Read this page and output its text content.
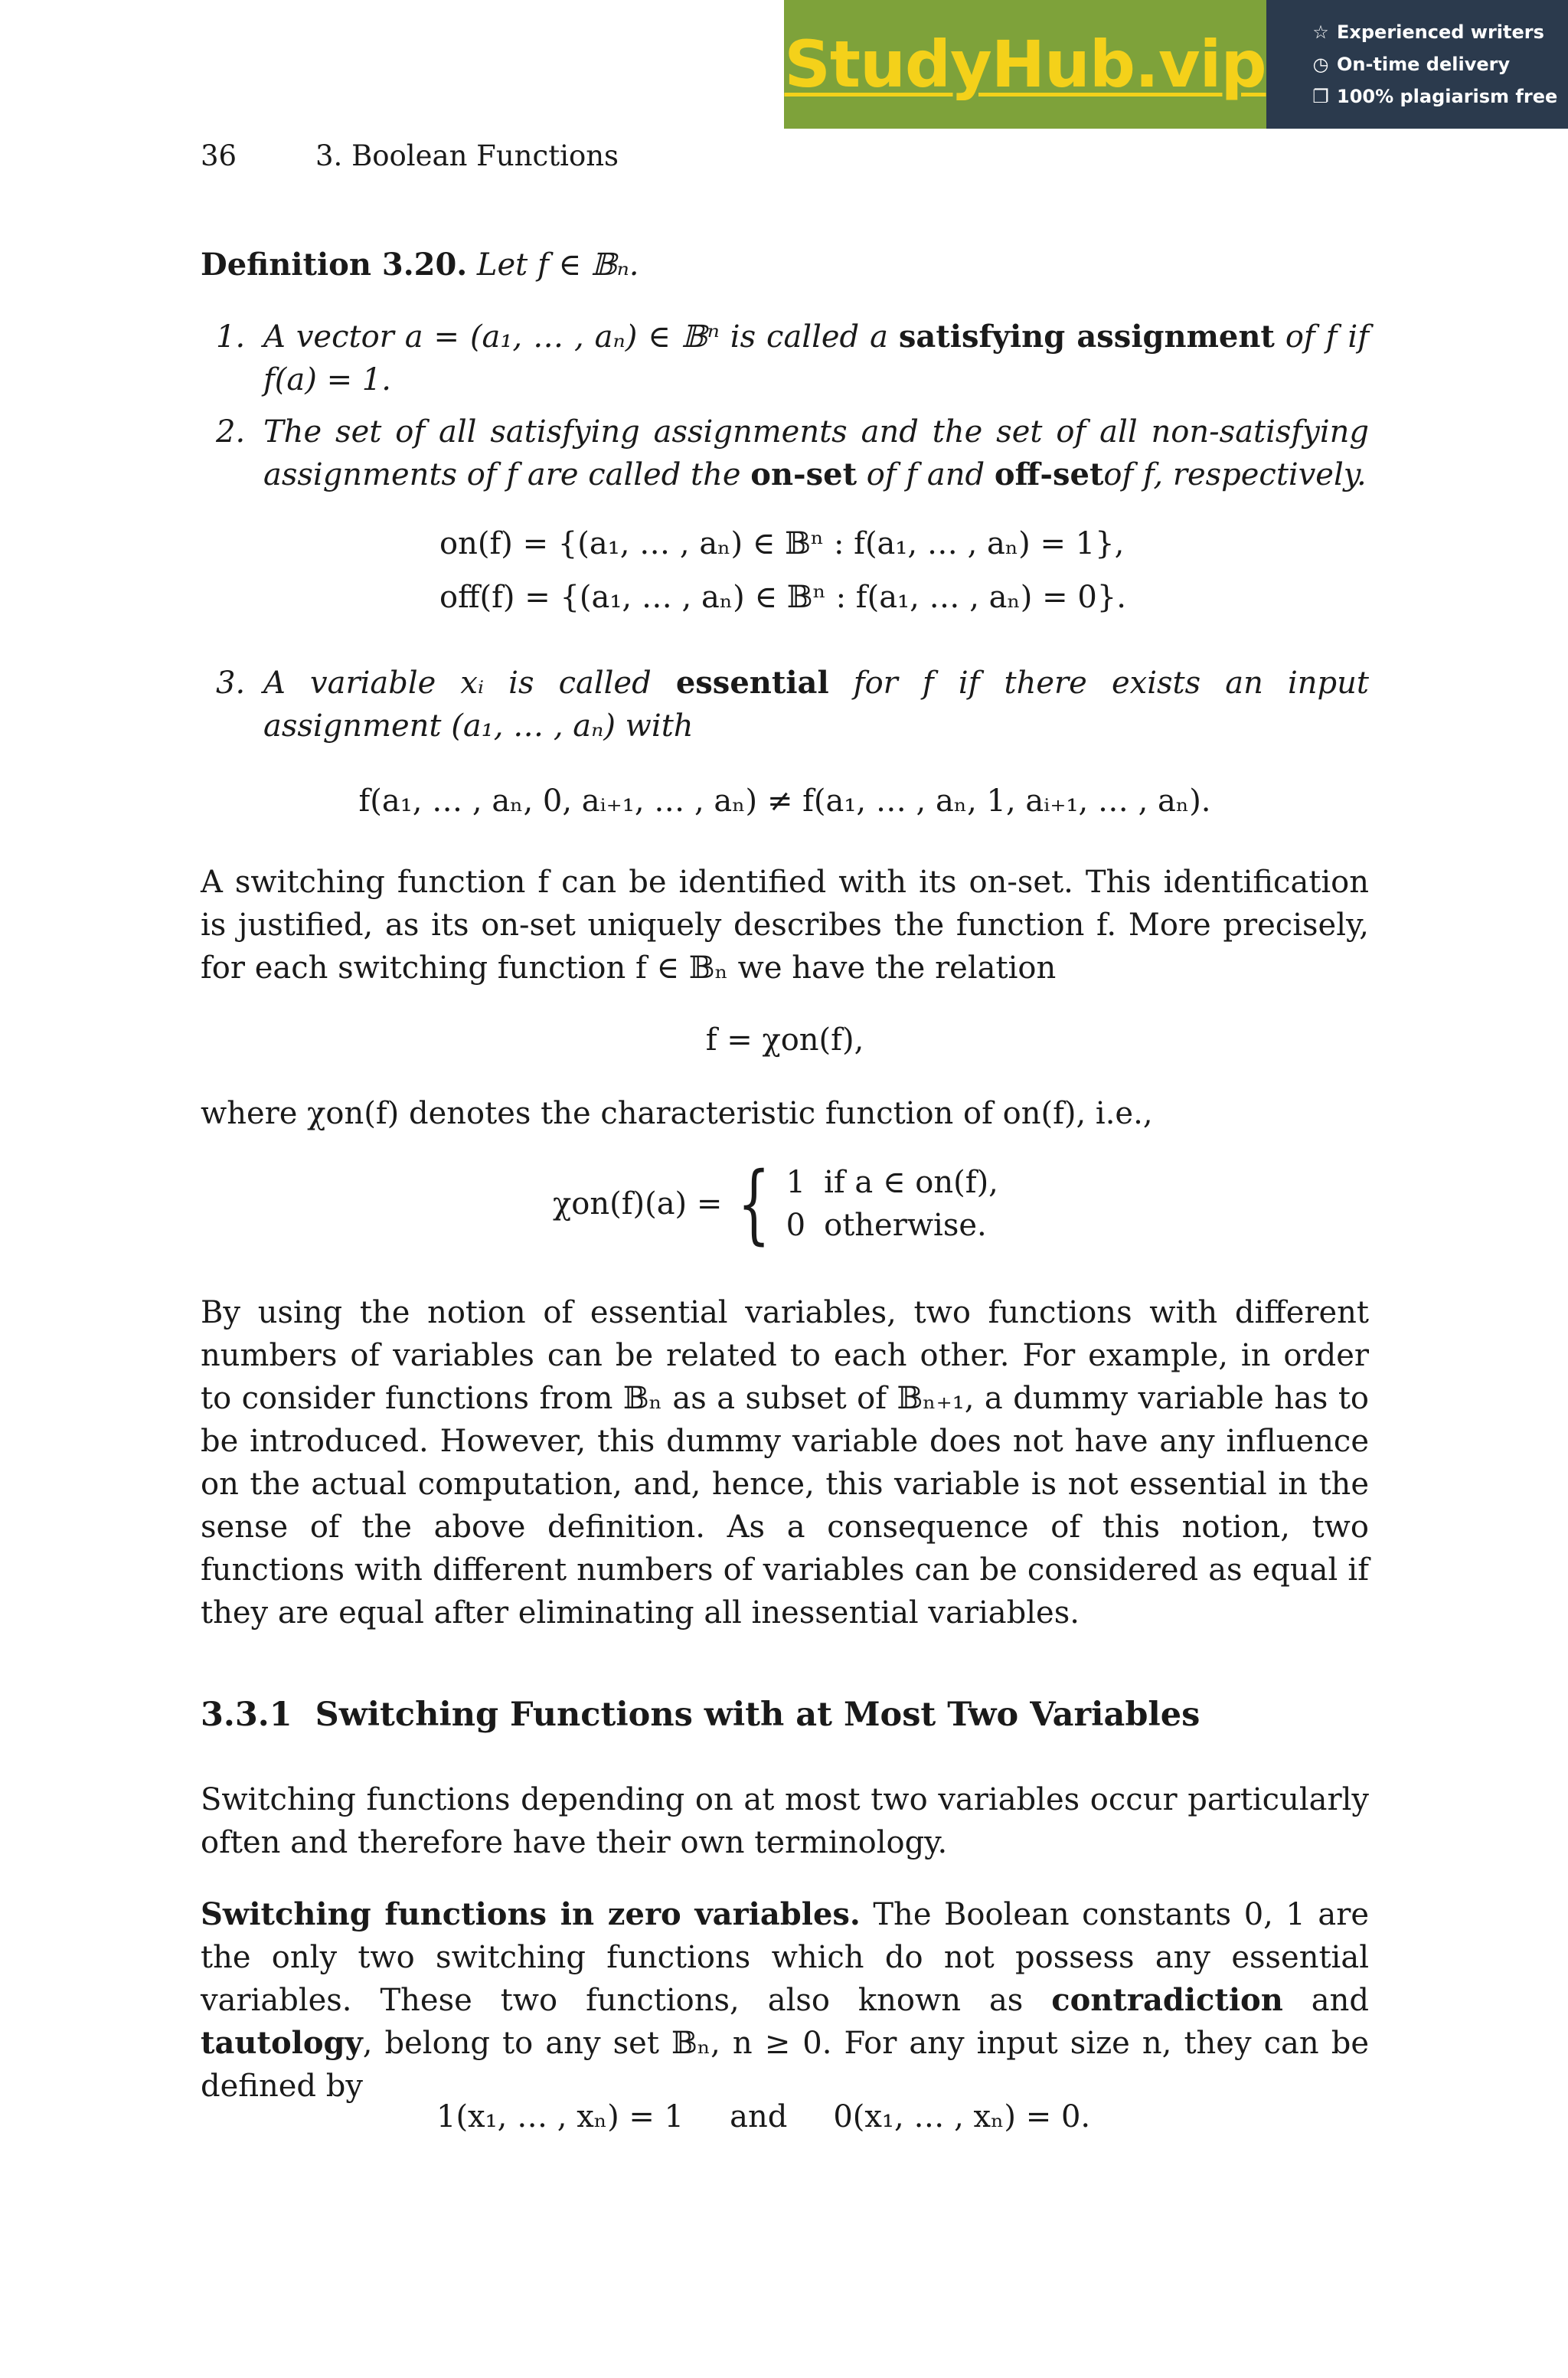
StudyHub.vip	☆ Experienced writers
◷ On-time delivery
❐ 100% plagiarism free
36	3. Boolean Functions
Definition 3.20. Let f ∈ 𝔹ₙ.
1. A vector a = (a₁, … , aₙ) ∈ 𝔹ⁿ is called a satisfying assignment of f if f(a) = 1.
2. The set of all satisfying assignments and the set of all non-satisfying assignments of f are called the on-set of f and off-setof f, respectively.
on(f) = {(a₁, … , aₙ) ∈ 𝔹ⁿ : f(a₁, … , aₙ) = 1},
off(f) = {(a₁, … , aₙ) ∈ 𝔹ⁿ : f(a₁, … , aₙ) = 0}.
3. A variable xᵢ is called essential for f if there exists an input assignment (a₁, … , aₙ) with
f(a₁, … , aₙ, 0, aᵢ₊₁, … , aₙ) ≠ f(a₁, … , aₙ, 1, aᵢ₊₁, … , aₙ).

A switching function f can be identified with its on-set. This identification is justified, as its on-set uniquely describes the function f. More precisely, for each switching function f ∈ 𝔹ₙ we have the relation

f = χon(f),

where χon(f) denotes the characteristic function of on(f), i.e.,

χon(f)(a) = { 1 if a ∈ on(f),
0 otherwise.

By using the notion of essential variables, two functions with different numbers of variables can be related to each other. For example, in order to consider functions from 𝔹ₙ as a subset of 𝔹ₙ₊₁, a dummy variable has to be introduced. However, this dummy variable does not have any influence on the actual computation, and, hence, this variable is not essential in the sense of the above definition. As a consequence of this notion, two functions with different numbers of variables can be considered as equal if they are equal after eliminating all inessential variables.

3.3.1 Switching Functions with at Most Two Variables

Switching functions depending on at most two variables occur particularly often and therefore have their own terminology.

Switching functions in zero variables. The Boolean constants 0, 1 are the only two switching functions which do not possess any essential variables. These two functions, also known as contradiction and tautology, belong to any set 𝔹ₙ, n ≥ 0. For any input size n, they can be defined by

1(x₁, … , xₙ) = 1 and 0(x₁, … , xₙ) = 0.
